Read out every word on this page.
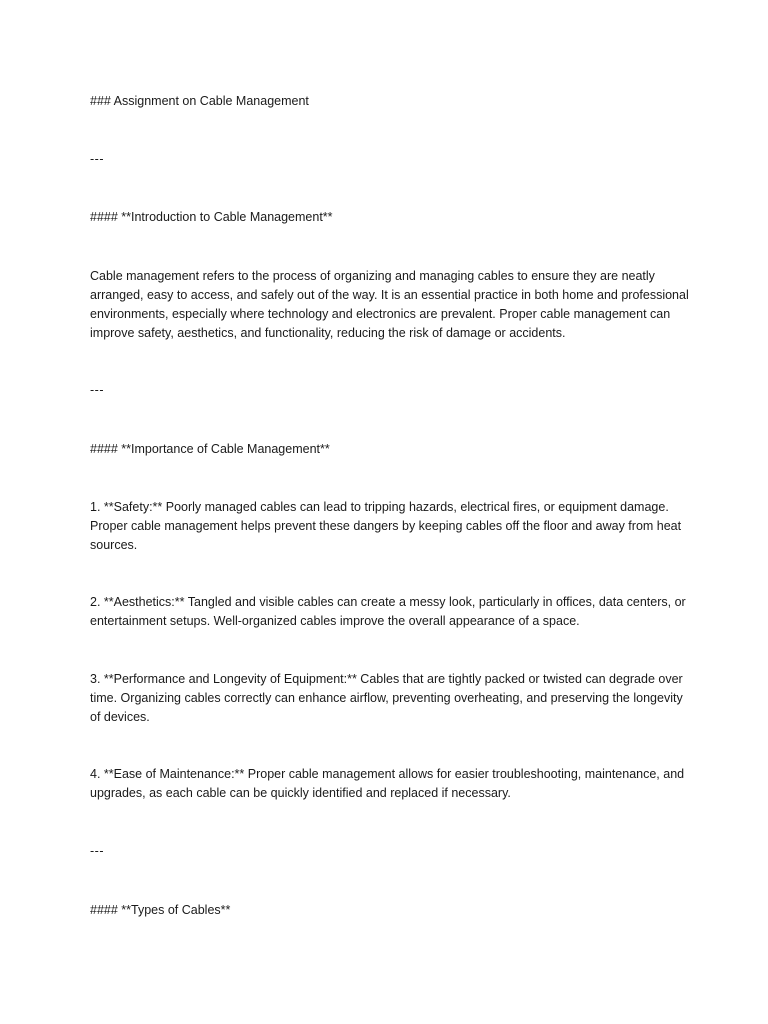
### Assignment on Cable Management

---

#### **Introduction to Cable Management**

Cable management refers to the process of organizing and managing cables to ensure they are neatly arranged, easy to access, and safely out of the way. It is an essential practice in both home and professional environments, especially where technology and electronics are prevalent. Proper cable management can improve safety, aesthetics, and functionality, reducing the risk of damage or accidents.

---

#### **Importance of Cable Management**

1. **Safety:** Poorly managed cables can lead to tripping hazards, electrical fires, or equipment damage. Proper cable management helps prevent these dangers by keeping cables off the floor and away from heat sources.

2. **Aesthetics:** Tangled and visible cables can create a messy look, particularly in offices, data centers, or entertainment setups. Well-organized cables improve the overall appearance of a space.

3. **Performance and Longevity of Equipment:** Cables that are tightly packed or twisted can degrade over time. Organizing cables correctly can enhance airflow, preventing overheating, and preserving the longevity of devices.

4. **Ease of Maintenance:** Proper cable management allows for easier troubleshooting, maintenance, and upgrades, as each cable can be quickly identified and replaced if necessary.

---

#### **Types of Cables**
